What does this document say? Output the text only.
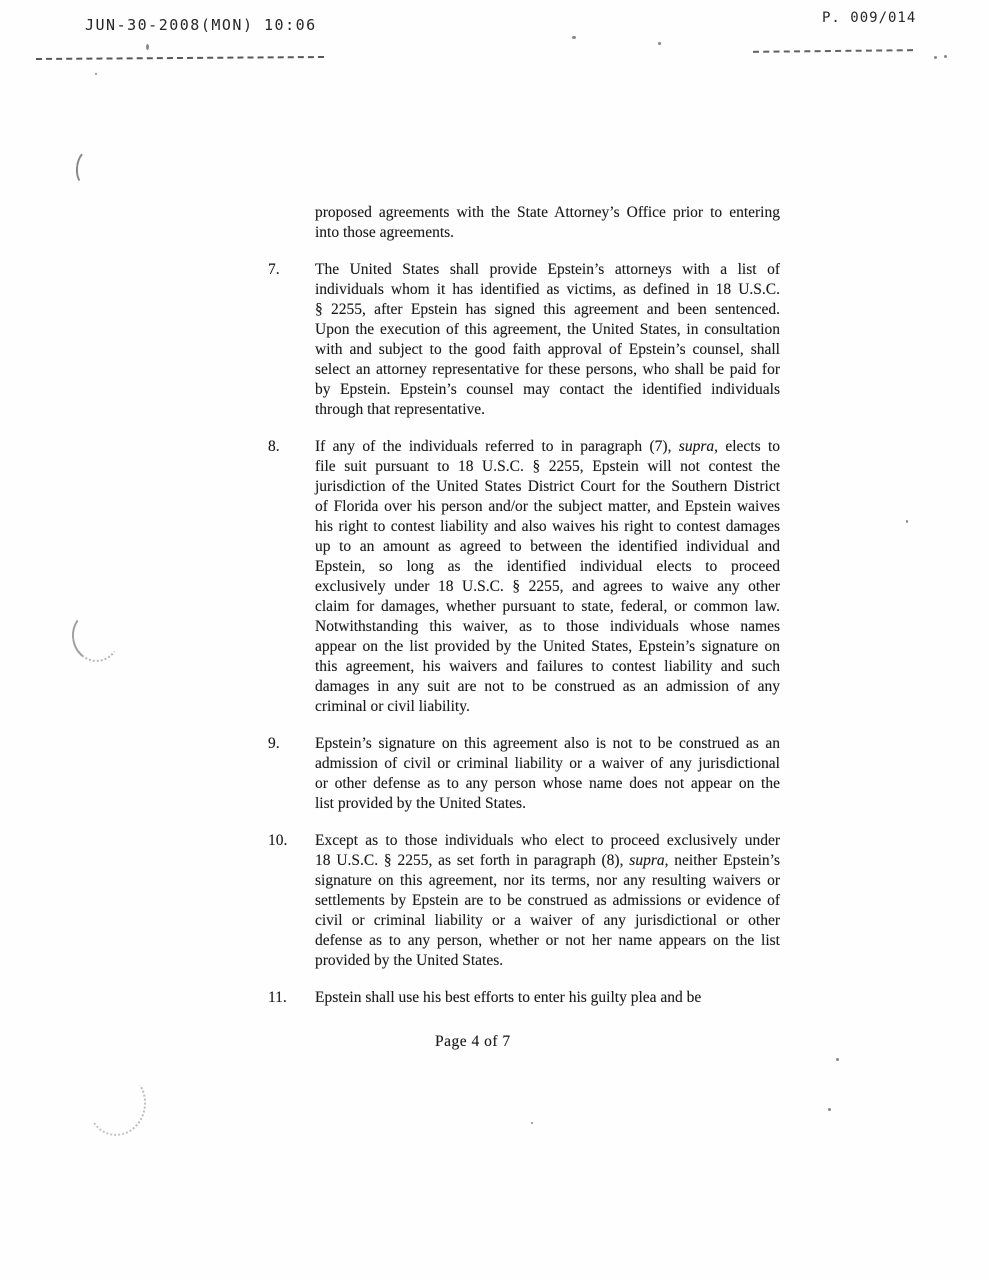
JUN-30-2008(MON) 10:06	P. 009/014
proposed agreements with the State Attorney’s Office prior to entering
into those agreements.
7.	The United States shall provide Epstein’s attorneys with a list of
individuals whom it has identified as victims, as defined in 18 U.S.C.
§ 2255, after Epstein has signed this agreement and been sentenced.
Upon the execution of this agreement, the United States, in consultation
with and subject to the good faith approval of Epstein’s counsel, shall
select an attorney representative for these persons, who shall be paid for
by Epstein. Epstein’s counsel may contact the identified individuals
through that representative.
8.	If any of the individuals referred to in paragraph (7), supra, elects to
file suit pursuant to 18 U.S.C. § 2255, Epstein will not contest the
jurisdiction of the United States District Court for the Southern District
of Florida over his person and/or the subject matter, and Epstein waives
his right to contest liability and also waives his right to contest damages
up to an amount as agreed to between the identified individual and
Epstein, so long as the identified individual elects to proceed
exclusively under 18 U.S.C. § 2255, and agrees to waive any other
claim for damages, whether pursuant to state, federal, or common law.
Notwithstanding this waiver, as to those individuals whose names
appear on the list provided by the United States, Epstein’s signature on
this agreement, his waivers and failures to contest liability and such
damages in any suit are not to be construed as an admission of any
criminal or civil liability.
9.	Epstein’s signature on this agreement also is not to be construed as an
admission of civil or criminal liability or a waiver of any jurisdictional
or other defense as to any person whose name does not appear on the
list provided by the United States.
10.	Except as to those individuals who elect to proceed exclusively under
18 U.S.C. § 2255, as set forth in paragraph (8), supra, neither Epstein’s
signature on this agreement, nor its terms, nor any resulting waivers or
settlements by Epstein are to be construed as admissions or evidence of
civil or criminal liability or a waiver of any jurisdictional or other
defense as to any person, whether or not her name appears on the list
provided by the United States.
11.	Epstein shall use his best efforts to enter his guilty plea and be
Page 4 of 7
